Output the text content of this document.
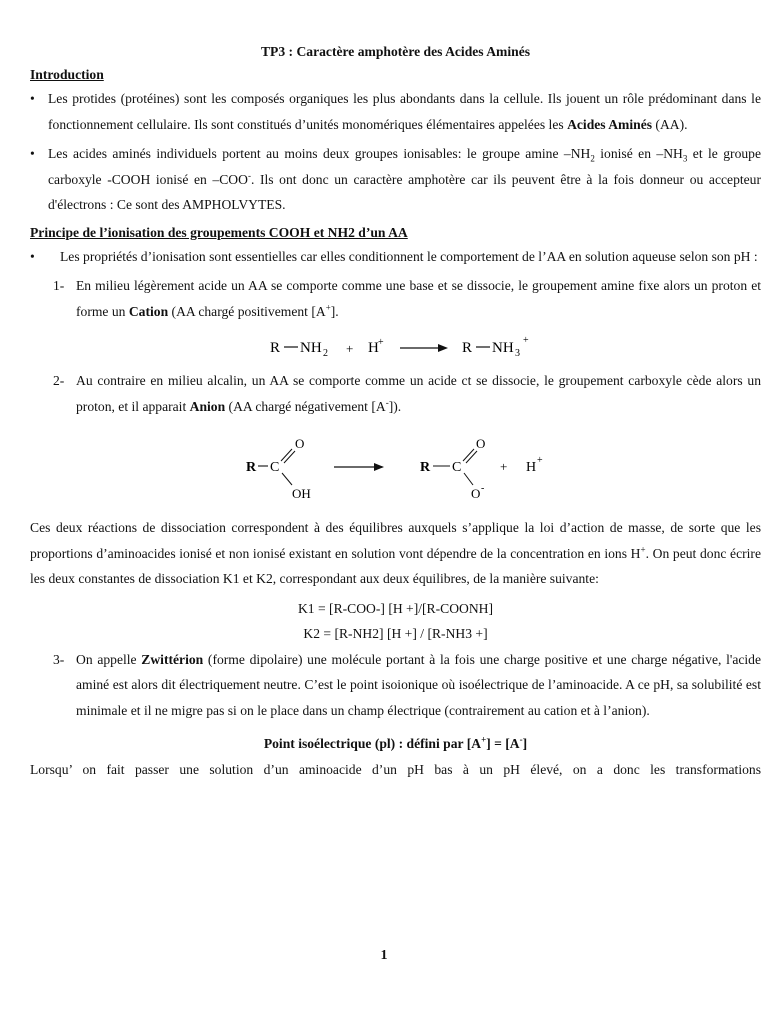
TP3 : Caractère amphotère des Acides Aminés

Introduction

• Les protides (protéines) sont les composés organiques les plus abondants dans la cellule. Ils jouent un rôle prédominant dans le fonctionnement cellulaire. Ils sont constitués d’unités monomériques élémentaires appelées les Acides Aminés (AA).

• Les acides aminés individuels portent au moins deux groupes ionisables: le groupe amine $-NH_2$ ionisé en $-NH_3$ et le groupe carboxyle -COOH ionisé en –COO-. Ils ont donc un caractère amphotère car ils peuvent être à la fois donneur ou accepteur d'électrons : Ce sont des AMPHOLVYTES.

Principe de l’ionisation des groupements COOH et NH2 d’un AA

• Les propriétés d’ionisation sont essentielles car elles conditionnent le comportement de l’AA en solution aqueuse selon son pH :

1- En milieu légèrement acide un AA se comporte comme une base et se dissocie, le groupement amine fixe alors un proton et forme un Cation (AA chargé positivement [A+].

R NH 2 + H +	R NH 3
+

2- Au contraire en milieu alcalin, un AA se comporte comme un acide ct se dissocie, le groupement carboxyle cède alors un proton, et il apparait Anion (AA chargé négativement [A-]).

R C
O
OH
R C
O
O -
+ H +

Ces deux réactions de dissociation correspondent à des équilibres auxquels s’applique la loi d’action de masse, de sorte que les proportions d’aminoacides ionisé et non ionisé existant en solution vont dépendre de la concentration en ions H+. On peut donc écrire les deux constantes de dissociation K1 et K2, correspondant aux deux équilibres, de la manière suivante:

K1 = [R-COO-] [H +]/[R-COONH]

K2 = [R-NH2] [H +] / [R-NH3 +]

3- On appelle Zwittérion (forme dipolaire) une molécule portant à la fois une charge positive et une charge négative, l'acide aminé est alors dit électriquement neutre. C’est le point isoionique où isoélectrique de l’aminoacide. A ce pH, sa solubilité est minimale et il ne migre pas si on le place dans un champ électrique (contrairement au cation et à l’anion).

Point isoélectrique (pl) : défini par [A+] = [A-]

Lorsqu’ on fait passer une solution d’un aminoacide d’un pH bas à un pH élevé, on a donc les transformations

1
